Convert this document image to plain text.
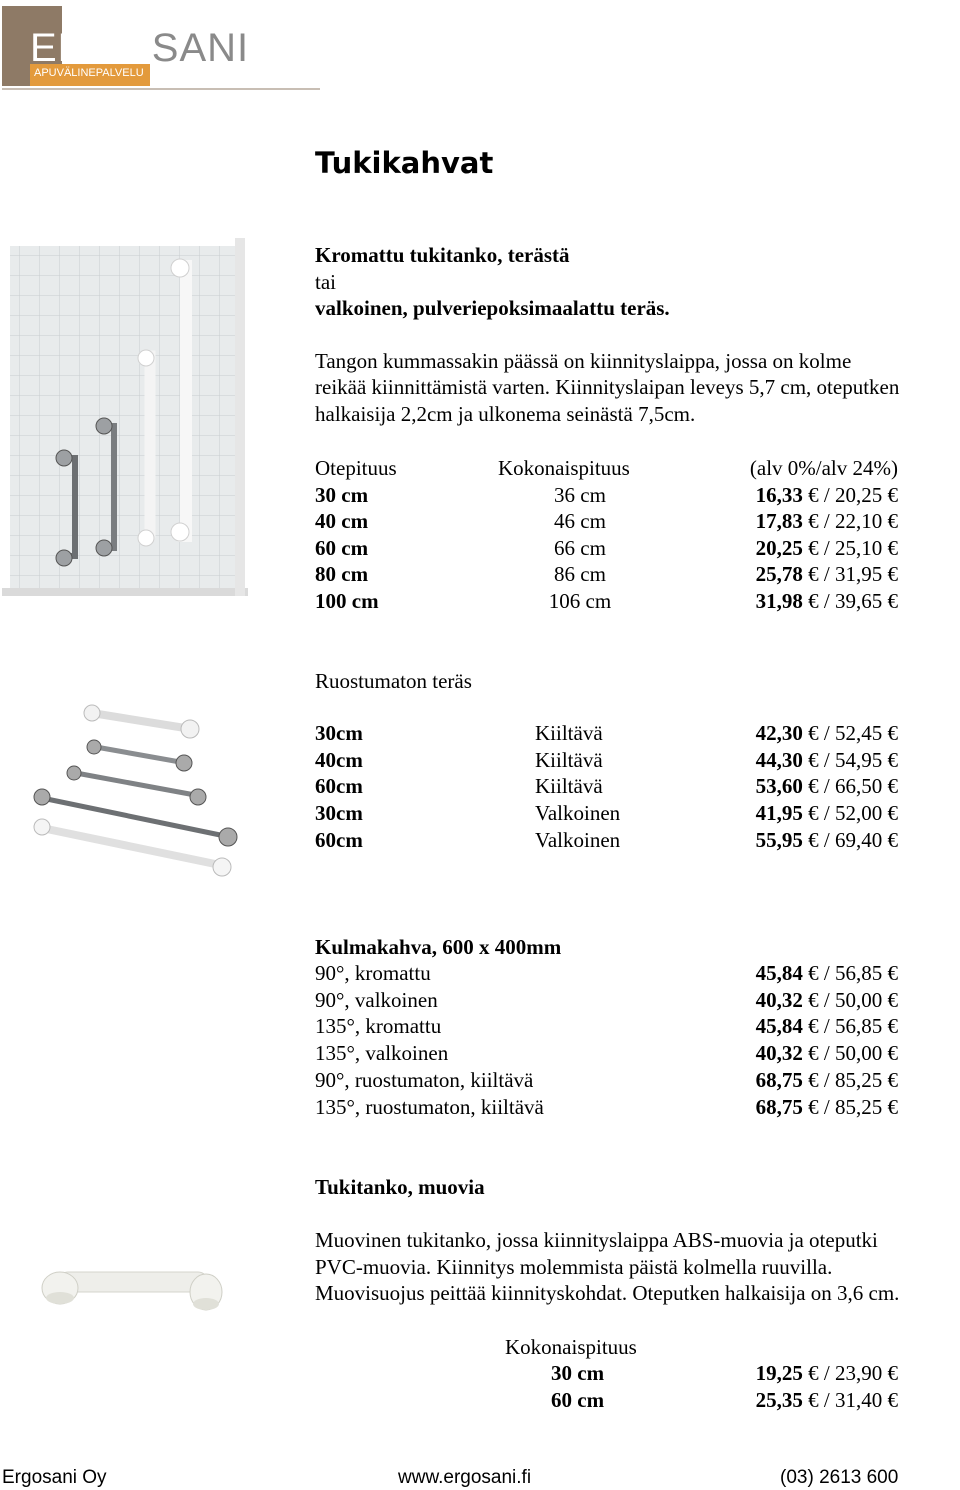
ERGOSANI
APUVÄLINEPALVELU
Tukikahvat
Kromattu tukitanko, terästä
tai
valkoinen, pulveriepoksimaalattu teräs.
Tangon kummassakin päässä on kiinnityslaippa, jossa on kolme
reikää kiinnittämistä varten. Kiinnityslaipan leveys 5,7 cm, oteputken
halkaisija 2,2cm ja ulkonema seinästä 7,5cm.
Otepituus	Kokonaispituus	(alv 0%/alv 24%)
30 cm	36 cm	16,33 € / 20,25 €
40 cm	46 cm	17,83 € / 22,10 €
60 cm	66 cm	20,25 € / 25,10 €
80 cm	86 cm	25,78 € / 31,95 €
100 cm	106 cm	31,98 € / 39,65 €
Ruostumaton teräs
30cm	Kiiltävä	42,30 € / 52,45 €
40cm	Kiiltävä	44,30 € / 54,95 €
60cm	Kiiltävä	53,60 € / 66,50 €
30cm	Valkoinen	41,95 € / 52,00 €
60cm	Valkoinen	55,95 € / 69,40 €
Kulmakahva, 600 x 400mm
90°, kromattu	45,84 € / 56,85 €
90°, valkoinen	40,32 € / 50,00 €
135°, kromattu	45,84 € / 56,85 €
135°, valkoinen	40,32 € / 50,00 €
90°, ruostumaton, kiiltävä	68,75 € / 85,25 €
135°, ruostumaton, kiiltävä	68,75 € / 85,25 €
Tukitanko, muovia
Muovinen tukitanko, jossa kiinnityslaippa ABS-muovia ja oteputki
PVC-muovia. Kiinnitys molemmista päistä kolmella ruuvilla.
Muovisuojus peittää kiinnityskohdat. Oteputken halkaisija on 3,6 cm.
Kokonaispituus
30 cm	19,25 € / 23,90 €
60 cm	25,35 € / 31,40 €
Ergosani Oy	www.ergosani.fi	(03) 2613 600
